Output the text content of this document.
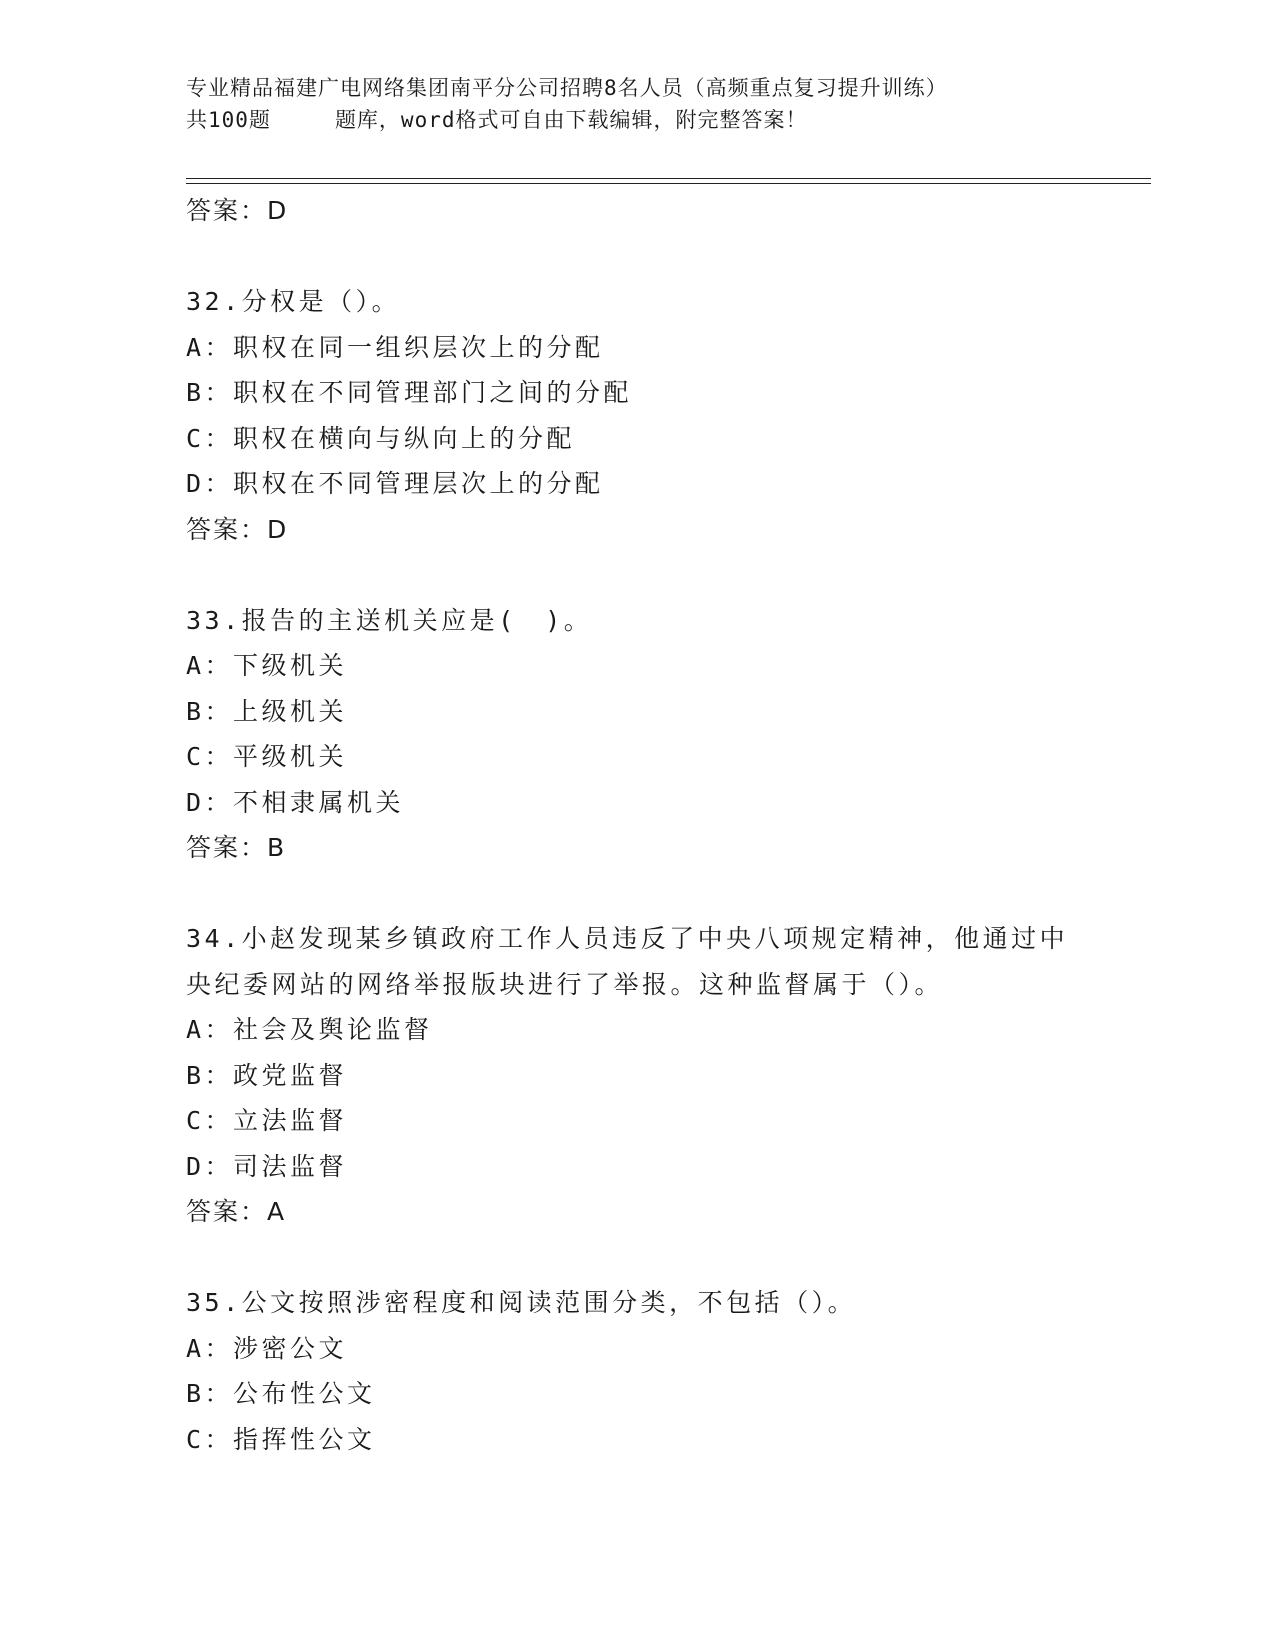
专业精品福建广电网络集团南平分公司招聘8名人员（高频重点复习提升训练）
共100题	题库，word格式可自由下载编辑，附完整答案！
答案：D
32.分权是（）。
A：职权在同一组织层次上的分配
B：职权在不同管理部门之间的分配
C：职权在横向与纵向上的分配
D：职权在不同管理层次上的分配
答案：D
33.报告的主送机关应是(　)。
A：下级机关
B：上级机关
C：平级机关
D：不相隶属机关
答案：B
34.小赵发现某乡镇政府工作人员违反了中央八项规定精神，他通过中
央纪委网站的网络举报版块进行了举报。这种监督属于（）。
A：社会及舆论监督
B：政党监督
C：立法监督
D：司法监督
答案：A
35.公文按照涉密程度和阅读范围分类，不包括（）。
A：涉密公文
B：公布性公文
C：指挥性公文
